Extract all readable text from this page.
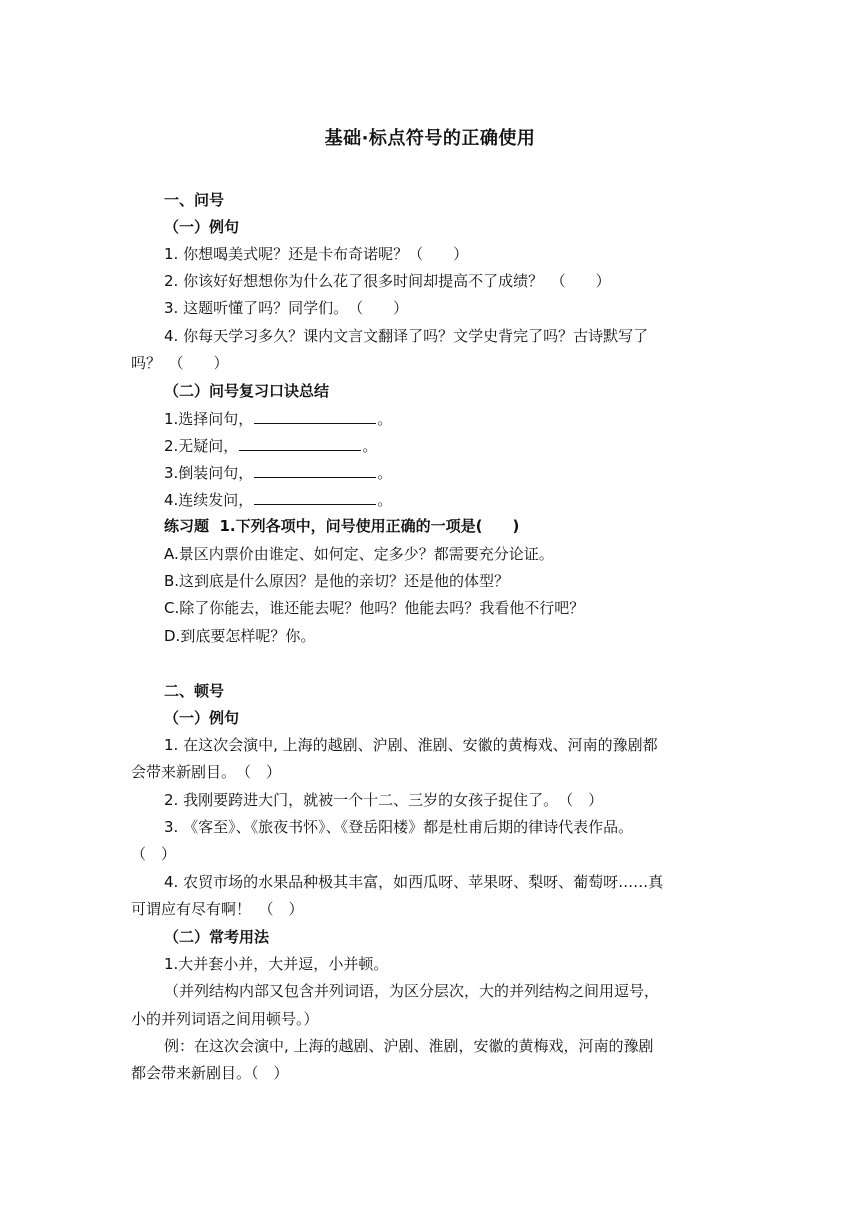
基础·标点符号的正确使用
一、问号
（一）例句
1. 你想喝美式呢？还是卡布奇诺呢？（　　）
2. 你该好好想想你为什么花了很多时间却提高不了成绩？　（　　）
3. 这题听懂了吗？同学们。　（　　）
4. 你每天学习多久？课内文言文翻译了吗？文学史背完了吗？古诗默写了
吗？　（　　）
（二）问号复习口诀总结
1.选择问句，	。
2.无疑问，	。
3.倒装问句，	。
4.连续发问，	。
练习题 1.下列各项中，问号使用正确的一项是(　　)
A.景区内票价由谁定、如何定、定多少？都需要充分论证。
B.这到底是什么原因？是他的亲切？还是他的体型？
C.除了你能去，谁还能去呢？他吗？他能去吗？我看他不行吧？
D.到底要怎样呢？你。
二、顿号
（一）例句
1. 在这次会演中, 上海的越剧、沪剧、淮剧、安徽的黄梅戏、河南的豫剧都
会带来新剧目。　（　）
2. 我刚要跨进大门，就被一个十二、三岁的女孩子捉住了。　（　）
3. 《客至》、《旅夜书怀》、《登岳阳楼》都是杜甫后期的律诗代表作品。
（　）
4. 农贸市场的水果品种极其丰富，如西瓜呀、苹果呀、梨呀、葡萄呀……真
可谓应有尽有啊！　（　）
（二）常考用法
1.大并套小并，大并逗，小并顿。
（并列结构内部又包含并列词语，为区分层次，大的并列结构之间用逗号，
小的并列词语之间用顿号。）
例：在这次会演中, 上海的越剧、沪剧、淮剧，安徽的黄梅戏，河南的豫剧
都会带来新剧目。（　）
